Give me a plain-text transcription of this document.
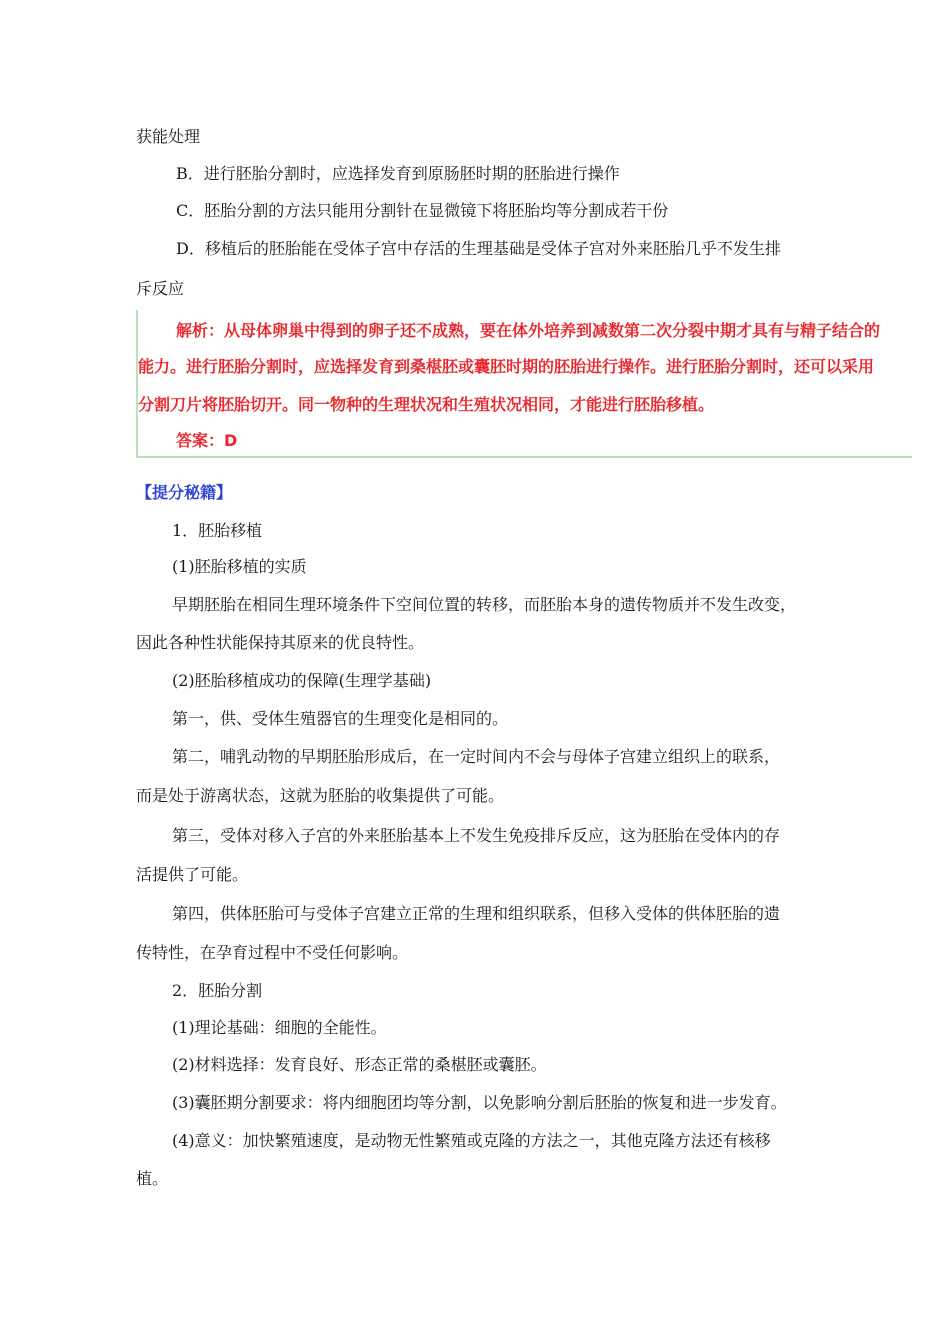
获能处理
B．进行胚胎分割时，应选择发育到原肠胚时期的胚胎进行操作
C．胚胎分割的方法只能用分割针在显微镜下将胚胎均等分割成若干份
D．移植后的胚胎能在受体子宫中存活的生理基础是受体子宫对外来胚胎几乎不发生排
斥反应
解析：从母体卵巢中得到的卵子还不成熟，要在体外培养到减数第二次分裂中期才具有与精子结合的
能力。进行胚胎分割时，应选择发育到桑椹胚或囊胚时期的胚胎进行操作。进行胚胎分割时，还可以采用
分割刀片将胚胎切开。同一物种的生理状况和生殖状况相同，才能进行胚胎移植。
答案：D
【提分秘籍】
1．胚胎移植
(1)胚胎移植的实质
早期胚胎在相同生理环境条件下空间位置的转移，而胚胎本身的遗传物质并不发生改变，
因此各种性状能保持其原来的优良特性。
(2)胚胎移植成功的保障(生理学基础)
第一，供、受体生殖器官的生理变化是相同的。
第二，哺乳动物的早期胚胎形成后，在一定时间内不会与母体子宫建立组织上的联系，
而是处于游离状态，这就为胚胎的收集提供了可能。
第三，受体对移入子宫的外来胚胎基本上不发生免疫排斥反应，这为胚胎在受体内的存
活提供了可能。
第四，供体胚胎可与受体子宫建立正常的生理和组织联系，但移入受体的供体胚胎的遗
传特性，在孕育过程中不受任何影响。
2．胚胎分割
(1)理论基础：细胞的全能性。
(2)材料选择：发育良好、形态正常的桑椹胚或囊胚。
(3)囊胚期分割要求：将内细胞团均等分割，以免影响分割后胚胎的恢复和进一步发育。
(4)意义：加快繁殖速度，是动物无性繁殖或克隆的方法之一，其他克隆方法还有核移
植。
